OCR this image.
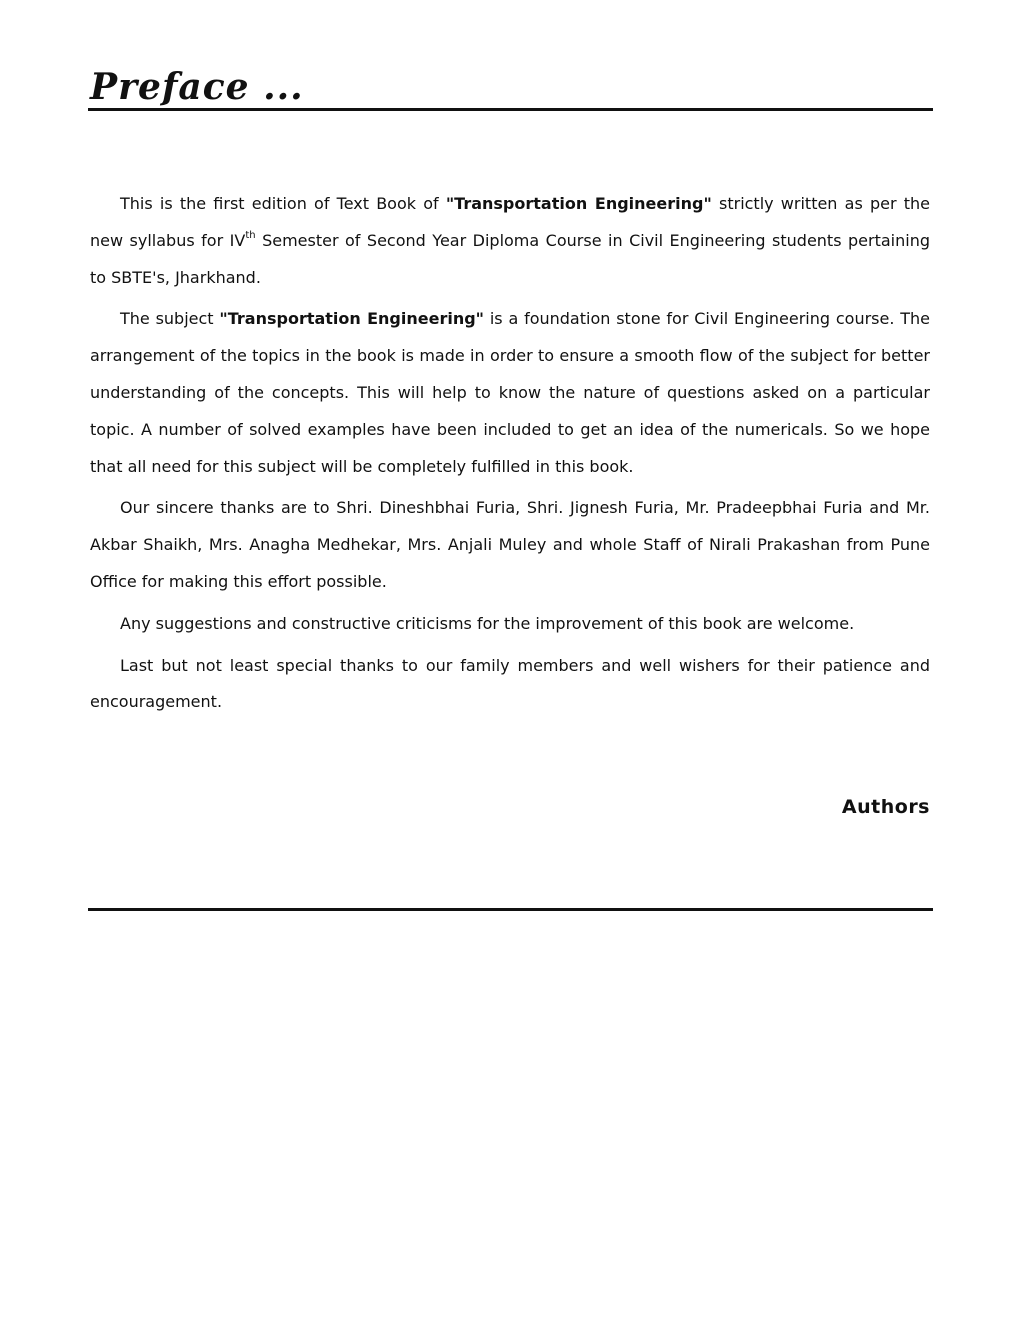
Preface ...

This is the first edition of Text Book of "Transportation Engineering" strictly written as per the new syllabus for IVth Semester of Second Year Diploma Course in Civil Engineering students pertaining to SBTE's, Jharkhand.

The subject "Transportation Engineering" is a foundation stone for Civil Engineering course. The arrangement of the topics in the book is made in order to ensure a smooth flow of the subject for better understanding of the concepts. This will help to know the nature of questions asked on a particular topic. A number of solved examples have been included to get an idea of the numericals. So we hope that all need for this subject will be completely fulfilled in this book.

Our sincere thanks are to Shri. Dineshbhai Furia, Shri. Jignesh Furia, Mr. Pradeepbhai Furia and Mr. Akbar Shaikh, Mrs. Anagha Medhekar, Mrs. Anjali Muley and whole Staff of Nirali Prakashan from Pune Office for making this effort possible.

Any suggestions and constructive criticisms for the improvement of this book are welcome.

Last but not least special thanks to our family members and well wishers for their patience and encouragement.

Authors
